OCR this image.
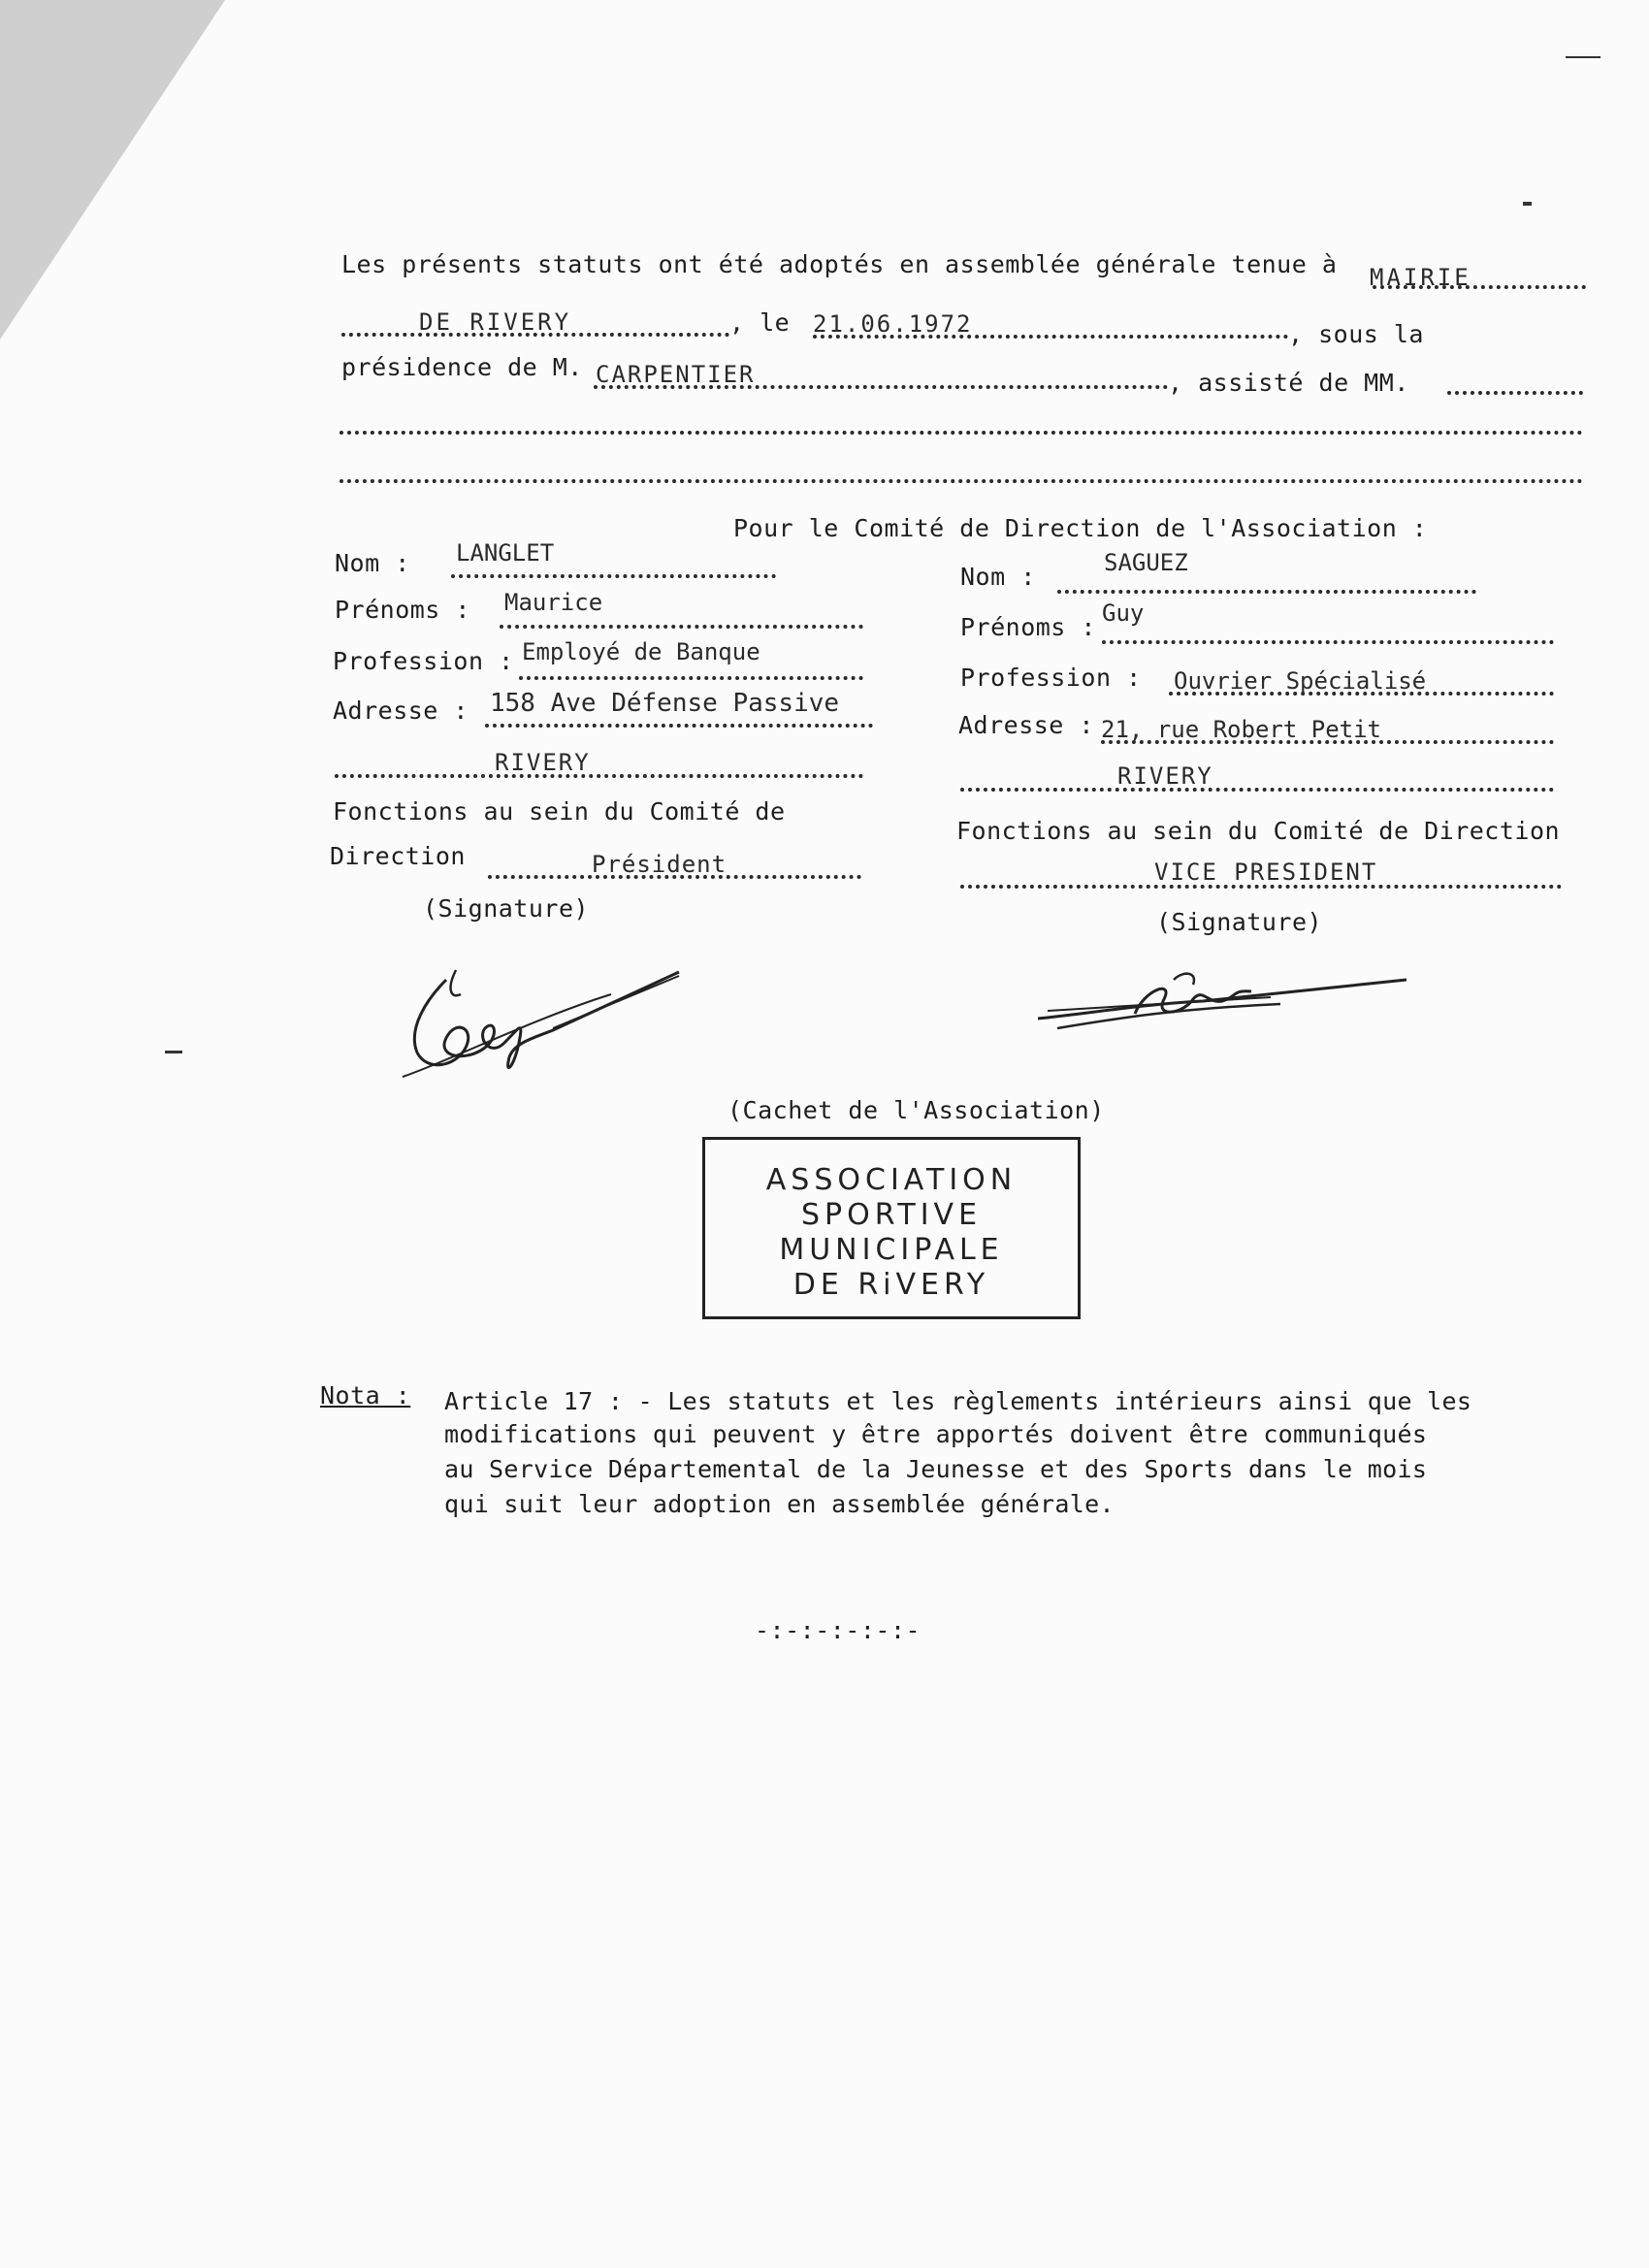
Les présents statuts ont été adoptés en assemblée générale tenue à MAIRIE
DE RIVERY	, le 21.06.1972	, sous la
présidence de M. CARPENTIER	, assisté de MM.
Pour le Comité de Direction de l'Association :
Nom : LANGLET
Prénoms : Maurice
Profession : Employé de Banque
Adresse : 158 Ave Défense Passive
RIVERY
Fonctions au sein du Comité de
Direction	Président
(Signature)
Nom :	SAGUEZ
Prénoms : Guy
Profession : Ouvrier Spécialisé
Adresse : 21, rue Robert Petit
RIVERY
Fonctions au sein du Comité de Direction
VICE PRESIDENT
(Signature)
(Cachet de l'Association)
ASSOCIATION
SPORTIVE
MUNICIPALE
DE RiVERY
Nota : Article 17 : - Les statuts et les règlements intérieurs ainsi que les
modifications qui peuvent y être apportés doivent être communiqués
au Service Départemental de la Jeunesse et des Sports dans le mois
qui suit leur adoption en assemblée générale.
-:-:-:-:-:-
